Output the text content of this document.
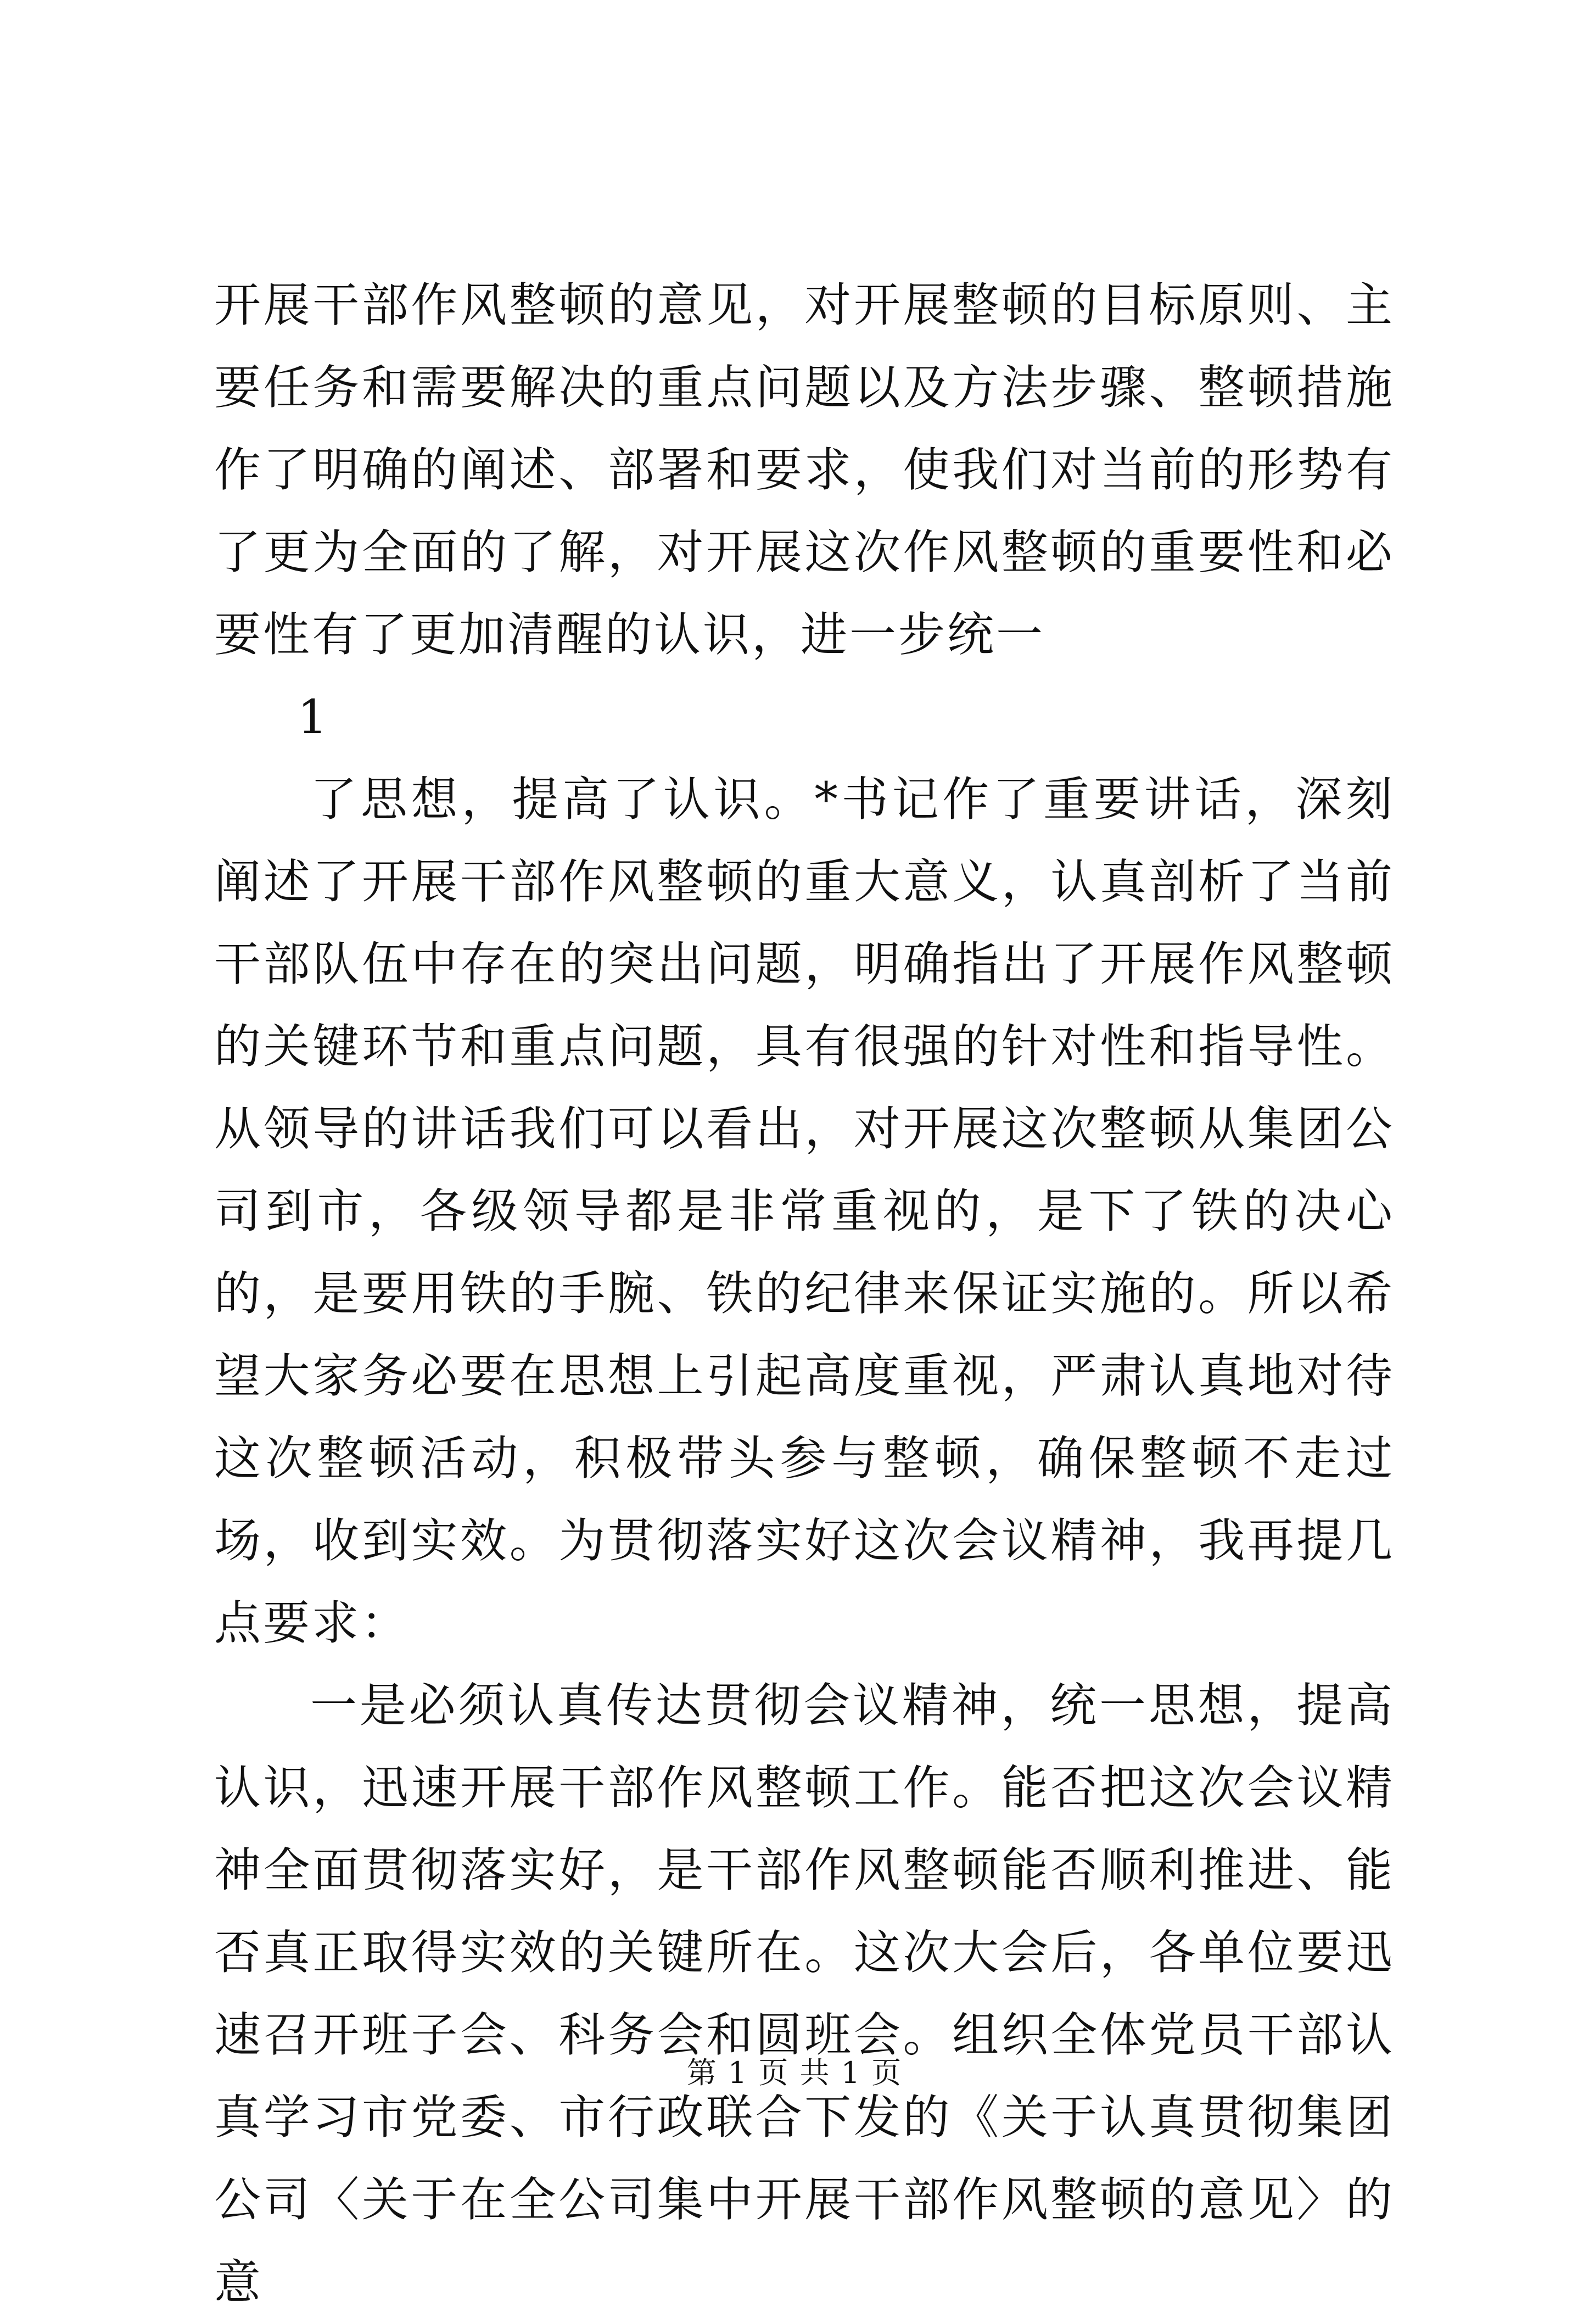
开展干部作风整顿的意见，对开展整顿的目标原则、主要任务和需要解决的重点问题以及方法步骤、整顿措施作了明确的阐述、部署和要求，使我们对当前的形势有了更为全面的了解，对开展这次作风整顿的重要性和必要性有了更加清醒的认识，进一步统一

1

了思想，提高了认识。*书记作了重要讲话，深刻阐述了开展干部作风整顿的重大意义，认真剖析了当前干部队伍中存在的突出问题，明确指出了开展作风整顿的关键环节和重点问题，具有很强的针对性和指导性。从领导的讲话我们可以看出，对开展这次整顿从集团公司到市，各级领导都是非常重视的，是下了铁的决心的，是要用铁的手腕、铁的纪律来保证实施的。所以希望大家务必要在思想上引起高度重视，严肃认真地对待这次整顿活动，积极带头参与整顿，确保整顿不走过场，收到实效。为贯彻落实好这次会议精神，我再提几点要求：

一是必须认真传达贯彻会议精神，统一思想，提高认识，迅速开展干部作风整顿工作。能否把这次会议精神全面贯彻落实好，是干部作风整顿能否顺利推进、能否真正取得实效的关键所在。这次大会后，各单位要迅速召开班子会、科务会和圆班会。组织全体党员干部认真学习市党委、市行政联合下发的《关于认真贯彻集团公司〈关于在全公司集中开展干部作风整顿的意见〉的意

第 1 页 共 1 页
